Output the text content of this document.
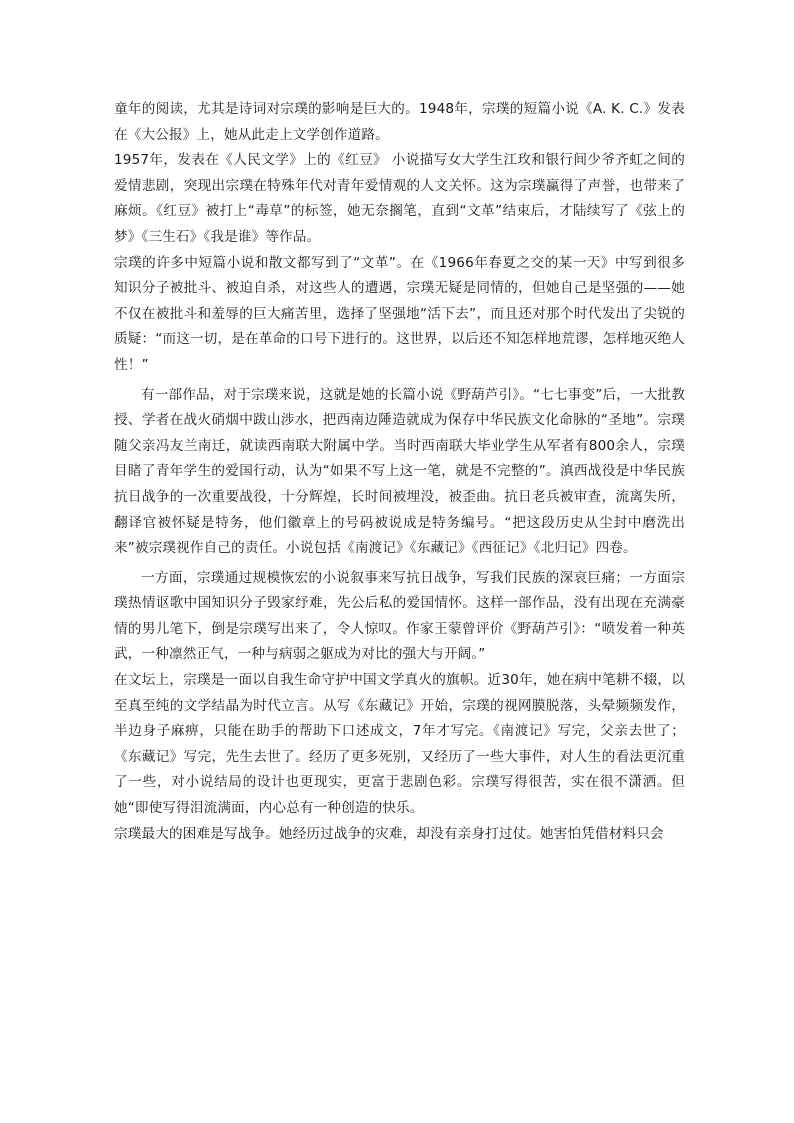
童年的阅读，尤其是诗词对宗璞的影响是巨大的。1948年，宗璞的短篇小说《A. K. C.》发表在《大公报》上，她从此走上文学创作道路。

1957年，发表在《人民文学》上的《红豆》 小说描写女大学生江玫和银行间少爷齐虹之间的爱情悲剧，突现出宗璞在特殊年代对青年爱情观的人文关怀。这为宗璞赢得了声誉，也带来了麻烦。《红豆》被打上“毒草”的标签，她无奈搁笔，直到“文革”结束后，才陆续写了《弦上的梦》《三生石》《我是谁》等作品。

宗璞的许多中短篇小说和散文都写到了“文革”。在《1966年春夏之交的某一天》中写到很多知识分子被批斗、被迫自杀，对这些人的遭遇，宗璞无疑是同情的，但她自己是坚强的——她不仅在被批斗和羞辱的巨大痛苦里，选择了坚强地“活下去”，而且还对那个时代发出了尖锐的质疑：“而这一切，是在革命的口号下进行的。这世界，以后还不知怎样地荒谬，怎样地灭绝人性！”

有一部作品，对于宗璞来说，这就是她的长篇小说《野葫芦引》。“七七事变”后，一大批教授、学者在战火硝烟中跋山涉水，把西南边陲造就成为保存中华民族文化命脉的“圣地”。宗璞随父亲冯友兰南迁，就读西南联大附属中学。当时西南联大毕业学生从军者有800余人，宗璞目睹了青年学生的爱国行动，认为“如果不写上这一笔，就是不完整的”。滇西战役是中华民族抗日战争的一次重要战役，十分辉煌，长时间被埋没，被歪曲。抗日老兵被审查，流离失所，翻译官被怀疑是特务，他们徽章上的号码被说成是特务编号。“把这段历史从尘封中磨洗出来”被宗璞视作自己的责任。小说包括《南渡记》《东藏记》《西征记》《北归记》四卷。

一方面，宗璞通过规模恢宏的小说叙事来写抗日战争，写我们民族的深哀巨痛；一方面宗璞热情讴歌中国知识分子毁家纾难，先公后私的爱国情怀。这样一部作品，没有出现在充满豪情的男儿笔下，倒是宗璞写出来了，令人惊叹。作家王蒙曾评价《野葫芦引》：“喷发着一种英武，一种凛然正气，一种与病弱之躯成为对比的强大与开阔。”

在文坛上，宗璞是一面以自我生命守护中国文学真火的旗帜。近30年，她在病中笔耕不辍，以至真至纯的文学结晶为时代立言。从写《东藏记》开始，宗璞的视网膜脱落，头晕频频发作，半边身子麻痹，只能在助手的帮助下口述成文，7年才写完。《南渡记》写完，父亲去世了；《东藏记》写完，先生去世了。经历了更多死别，又经历了一些大事件，对人生的看法更沉重了一些，对小说结局的设计也更现实，更富于悲剧色彩。宗璞写得很苦，实在很不潇洒。但她“即使写得泪流满面，内心总有一种创造的快乐。

宗璞最大的困难是写战争。她经历过战争的灾难，却没有亲身打过仗。她害怕凭借材料只会
